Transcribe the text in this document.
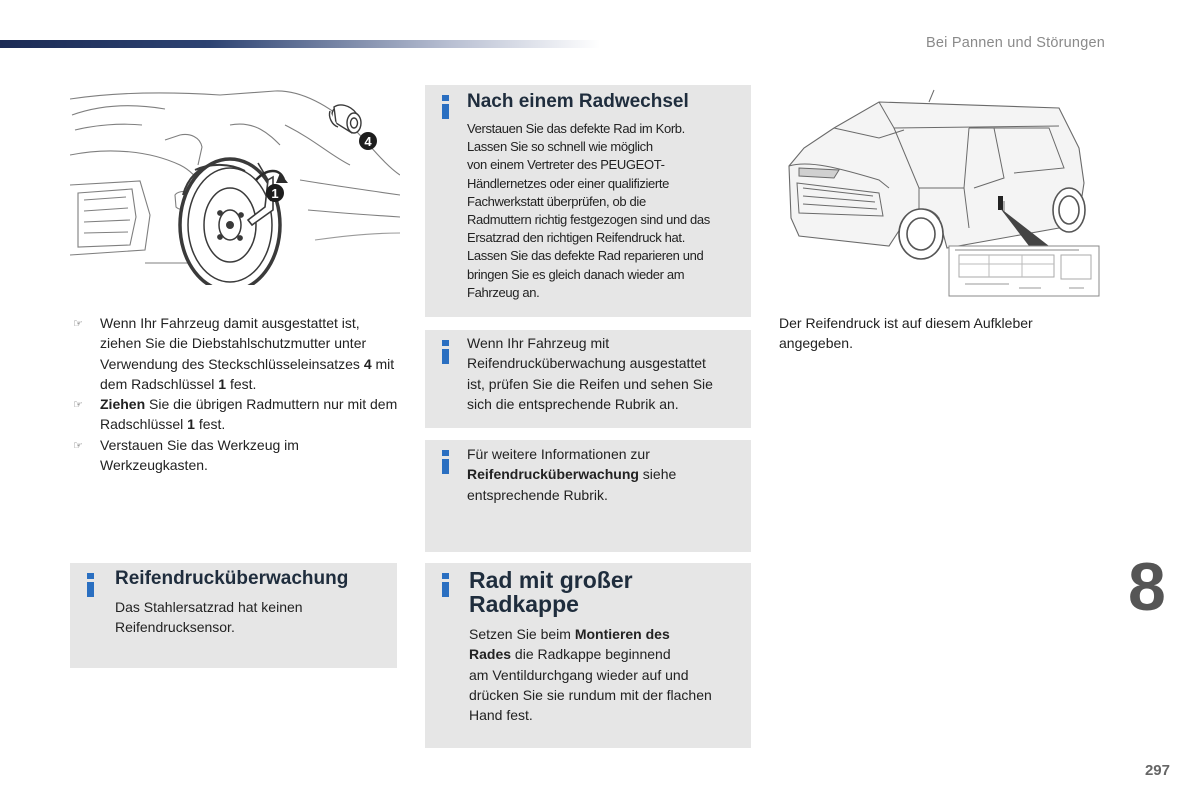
Bei Pannen und Störungen
1
4
☞	Wenn Ihr Fahrzeug damit ausgestattet ist, ziehen Sie die Diebstahlschutzmutter unter Verwendung des Steckschlüsseleinsatzes 4 mit dem Radschlüssel 1 fest.
☞	Ziehen Sie die übrigen Radmuttern nur mit dem Radschlüssel 1 fest.
☞	Verstauen Sie das Werkzeug im Werkzeugkasten.
Nach einem Radwechsel
Verstauen Sie das defekte Rad im Korb.
Lassen Sie so schnell wie möglich
von einem Vertreter des PEUGEOT-
Händlernetzes oder einer qualifizierte
Fachwerkstatt überprüfen, ob die
Radmuttern richtig festgezogen sind und das
Ersatzrad den richtigen Reifendruck hat.
Lassen Sie das defekte Rad reparieren und
bringen Sie es gleich danach wieder am
Fahrzeug an.
Wenn Ihr Fahrzeug mit
Reifendrucküberwachung ausgestattet
ist, prüfen Sie die Reifen und sehen Sie
sich die entsprechende Rubrik an.
Für weitere Informationen zur
Reifendrucküberwachung siehe
entsprechende Rubrik.
Reifendrucküberwachung
Das Stahlersatzrad hat keinen
Reifendrucksensor.
Rad mit großer
Radkappe
Setzen Sie beim Montieren des
Rades die Radkappe beginnend
am Ventildurchgang wieder auf und
drücken Sie sie rundum mit der flachen
Hand fest.
Der Reifendruck ist auf diesem Aufkleber
angegeben.
8
297
